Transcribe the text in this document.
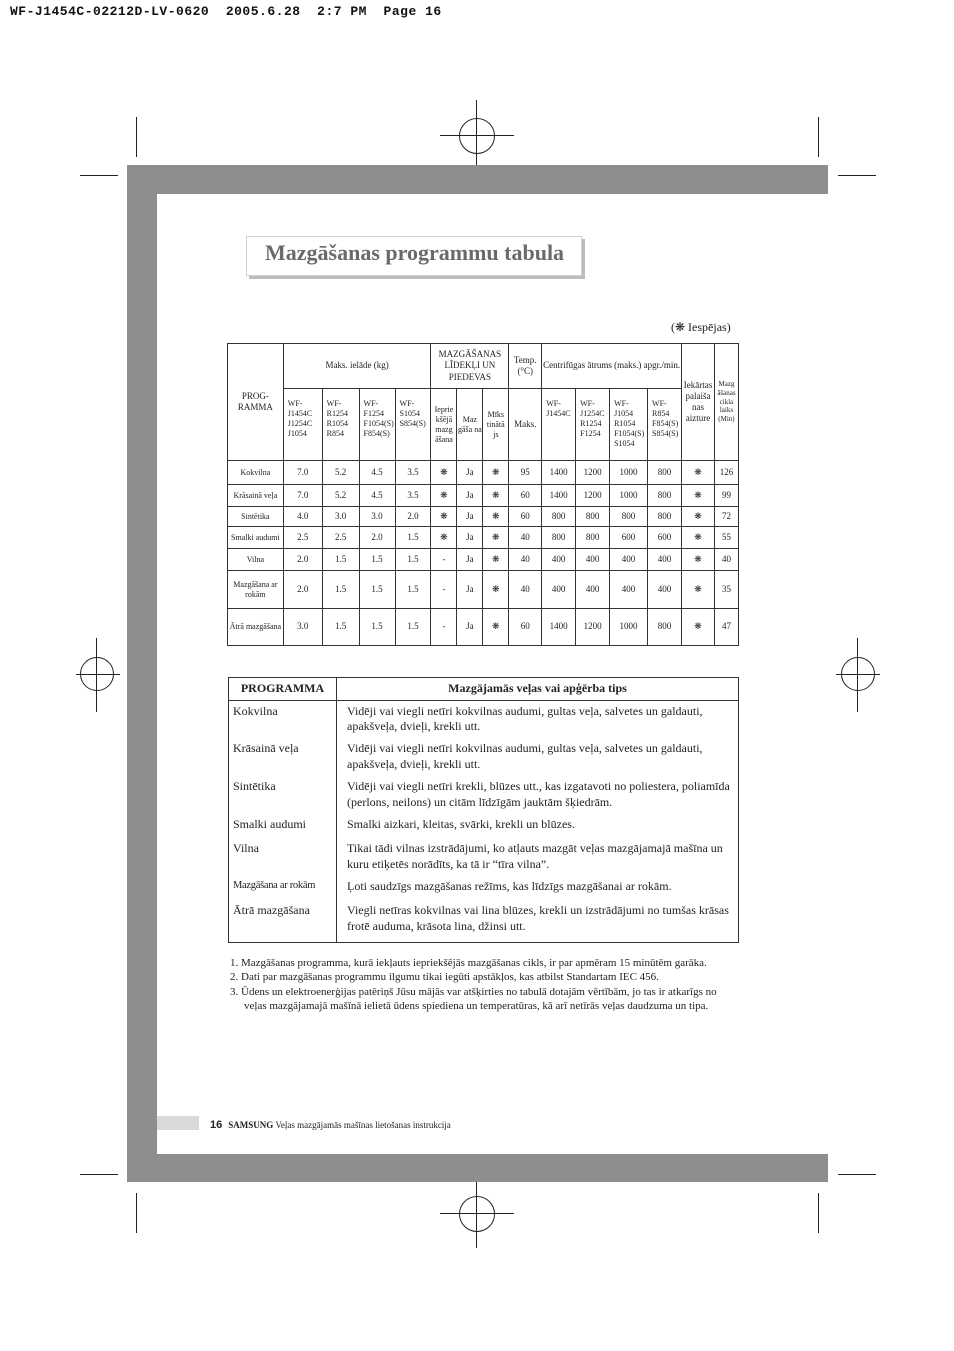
WF-J1454C-02212D-LV-0620  2005.6.28  2:7 PM  Page 16
Mazgāšanas programmu tabula
(❋ Iespējas)
PROG-RAMMA	Maks. ielāde (kg)				MAZGĀŠANAS LĪDEKĻI UN PIEDEVAS			Temp. (°C)	Centrifūgas ātrums (maks.) apgr./min.				Iekārtas palaiša nas aizture	Mazg āšanas cikla laiks (Min)
	WF-J1454C J1254C J1054	WF-R1254 R1054 R854	WF-F1254 F1054(S) F854(S)	WF-S1054 S854(S)	Ieprie kšējā mazg āšana	Maz gāša na	Mīks tinātā js	Maks.	WF-J1454C	WF-J1254C R1254 F1254	WF-J1054 R1054 F1054(S) S1054	WF-R854 F854(S) S854(S)		
Kokvilna	7.0	5.2	4.5	3.5	❋	Ja	❋	95	1400	1200	1000	800	❋	126
Krāsainā veļa	7.0	5.2	4.5	3.5	❋	Ja	❋	60	1400	1200	1000	800	❋	99
Sintētika	4.0	3.0	3.0	2.0	❋	Ja	❋	60	800	800	800	800	❋	72
Smalki audumi	2.5	2.5	2.0	1.5	❋	Ja	❋	40	800	800	600	600	❋	55
Vilna	2.0	1.5	1.5	1.5	-	Ja	❋	40	400	400	400	400	❋	40
Mazgāšana ar rokām	2.0	1.5	1.5	1.5	-	Ja	❋	40	400	400	400	400	❋	35
Ātrā mazgāšana	3.0	1.5	1.5	1.5	-	Ja	❋	60	1400	1200	1000	800	❋	47
PROGRAMMA	Mazgājamās veļas vai apģērba tips
Kokvilna	Vidēji vai viegli netīri kokvilnas audumi, gultas veļa, salvetes un galdauti, apakšveļa, dvieļi, krekli utt.
Krāsainā veļa	Vidēji vai viegli netīri kokvilnas audumi, gultas veļa, salvetes un galdauti, apakšveļa, dvieļi, krekli utt.
Sintētika	Vidēji vai viegli netīri krekli, blūzes utt., kas izgatavoti no poliestera, poliamīda (perlons, neilons) un citām līdzīgām jauktām šķiedrām.
Smalki audumi	Smalki aizkari, kleitas, svārki, krekli un blūzes.
Vilna	Tikai tādi vilnas izstrādājumi, ko atļauts mazgāt veļas mazgājamajā mašīna un kuru etiķetēs norādīts, ka tā ir “tīra vilna”.
Mazgāšana ar rokām	Ļoti saudzīgs mazgāšanas režīms, kas līdzīgs mazgāšanai ar rokām.
Ātrā mazgāšana	Viegli netīras kokvilnas vai lina blūzes, krekli un izstrādājumi no tumšas krāsas frotē auduma, krāsota lina, džinsi utt.
1. Mazgāšanas programma, kurā iekļauts iepriekšējās mazgāšanas cikls, ir par apmēram 15 minūtēm garāka.
2. Dati par mazgāšanas programmu ilgumu tikai iegūti apstākļos, kas atbilst Standartam IEC 456.
3. Ūdens un elektroenerģijas patēriņš Jūsu mājās var atšķirties no tabulā dotajām vērtībām, jo tas ir atkarīgs no veļas mazgājamajā mašīnā ielietā ūdens spiediena un temperatūras, kā arī netīrās veļas daudzuma un tipa.
16 SAMSUNG Veļas mazgājamās mašīnas lietošanas instrukcija
